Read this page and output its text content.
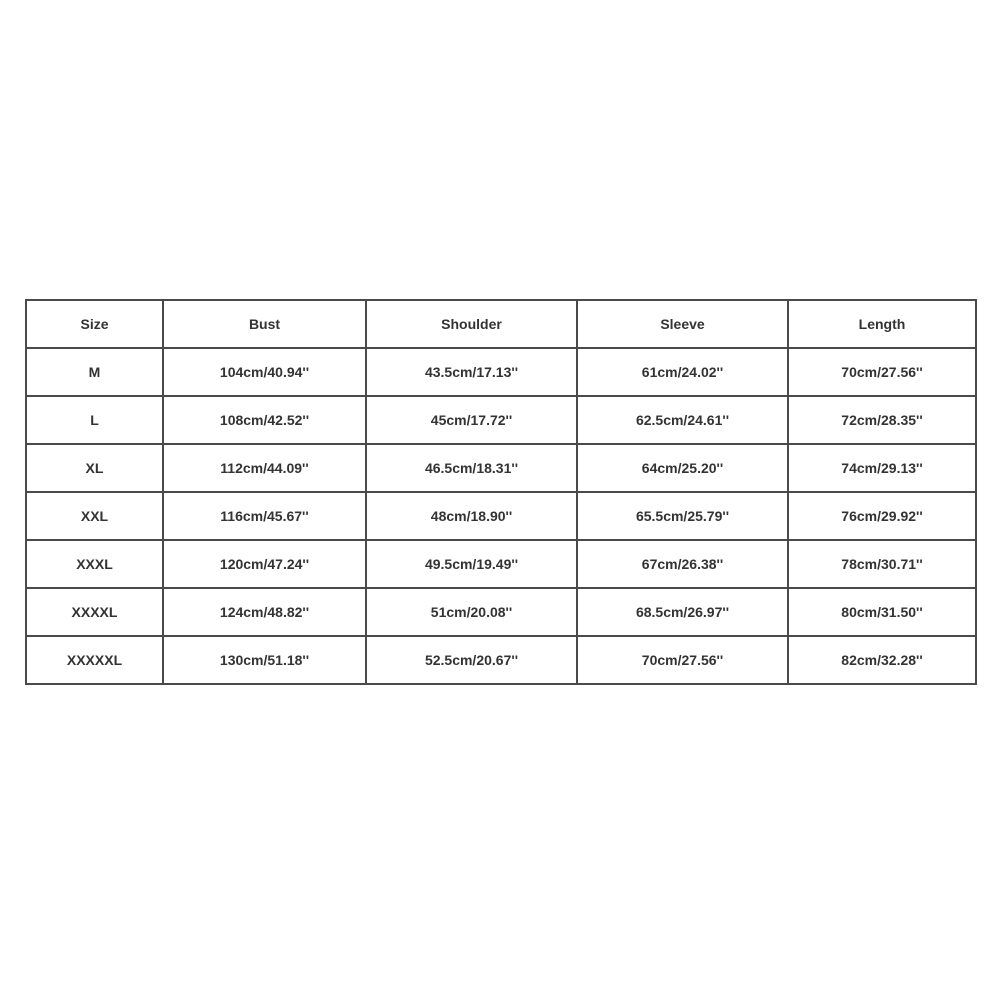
Size	Bust	Shoulder	Sleeve	Length
M	104cm/40.94''	43.5cm/17.13''	61cm/24.02''	70cm/27.56''
L	108cm/42.52''	45cm/17.72''	62.5cm/24.61''	72cm/28.35''
XL	112cm/44.09''	46.5cm/18.31''	64cm/25.20''	74cm/29.13''
XXL	116cm/45.67''	48cm/18.90''	65.5cm/25.79''	76cm/29.92''
XXXL	120cm/47.24''	49.5cm/19.49''	67cm/26.38''	78cm/30.71''
XXXXL	124cm/48.82''	51cm/20.08''	68.5cm/26.97''	80cm/31.50''
XXXXXL	130cm/51.18''	52.5cm/20.67''	70cm/27.56''	82cm/32.28''
